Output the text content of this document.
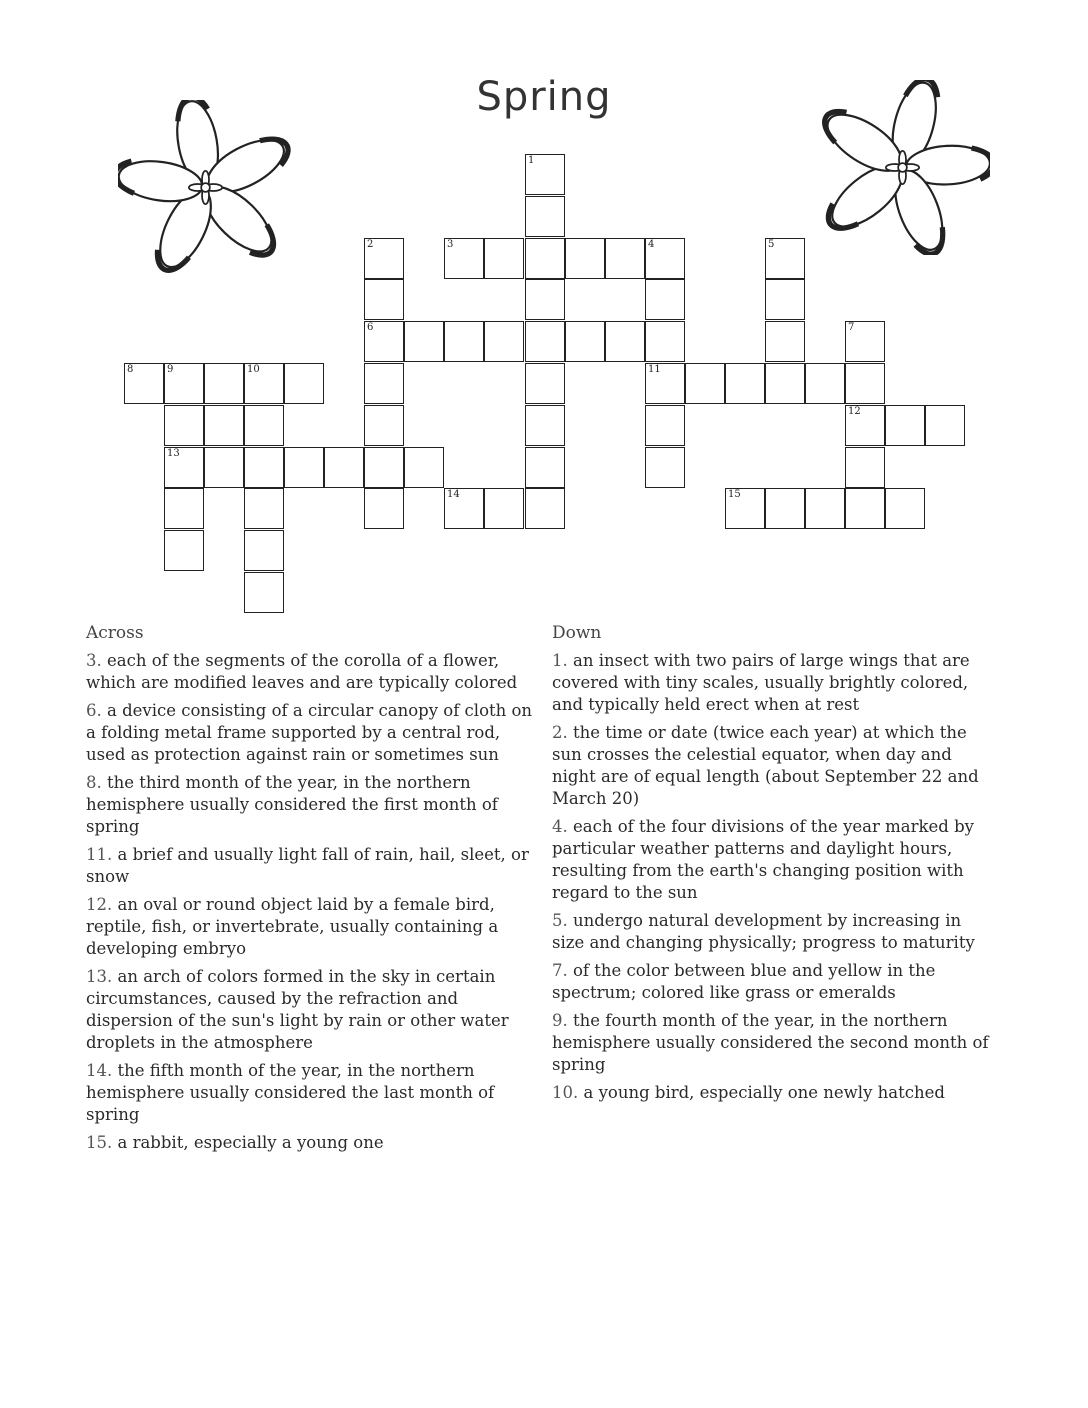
Spring
1
2	3	4	5
6	7
8	9	10	11
12
13
14	15
Across
3. each of the segments of the corolla of a flower, which are modified leaves and are typically colored
6. a device consisting of a circular canopy of cloth on a folding metal frame supported by a central rod, used as protection against rain or sometimes sun
8. the third month of the year, in the northern hemisphere usually considered the first month of spring
11. a brief and usually light fall of rain, hail, sleet, or snow
12. an oval or round object laid by a female bird, reptile, fish, or invertebrate, usually containing a developing embryo
13. an arch of colors formed in the sky in certain circumstances, caused by the refraction and dispersion of the sun's light by rain or other water droplets in the atmosphere
14. the fifth month of the year, in the northern hemisphere usually considered the last month of spring
15. a rabbit, especially a young one
Down
1. an insect with two pairs of large wings that are covered with tiny scales, usually brightly colored, and typically held erect when at rest
2. the time or date (twice each year) at which the sun crosses the celestial equator, when day and night are of equal length (about September 22 and March 20)
4. each of the four divisions of the year marked by particular weather patterns and daylight hours, resulting from the earth's changing position with regard to the sun
5. undergo natural development by increasing in size and changing physically; progress to maturity
7. of the color between blue and yellow in the spectrum; colored like grass or emeralds
9. the fourth month of the year, in the northern hemisphere usually considered the second month of spring
10. a young bird, especially one newly hatched
